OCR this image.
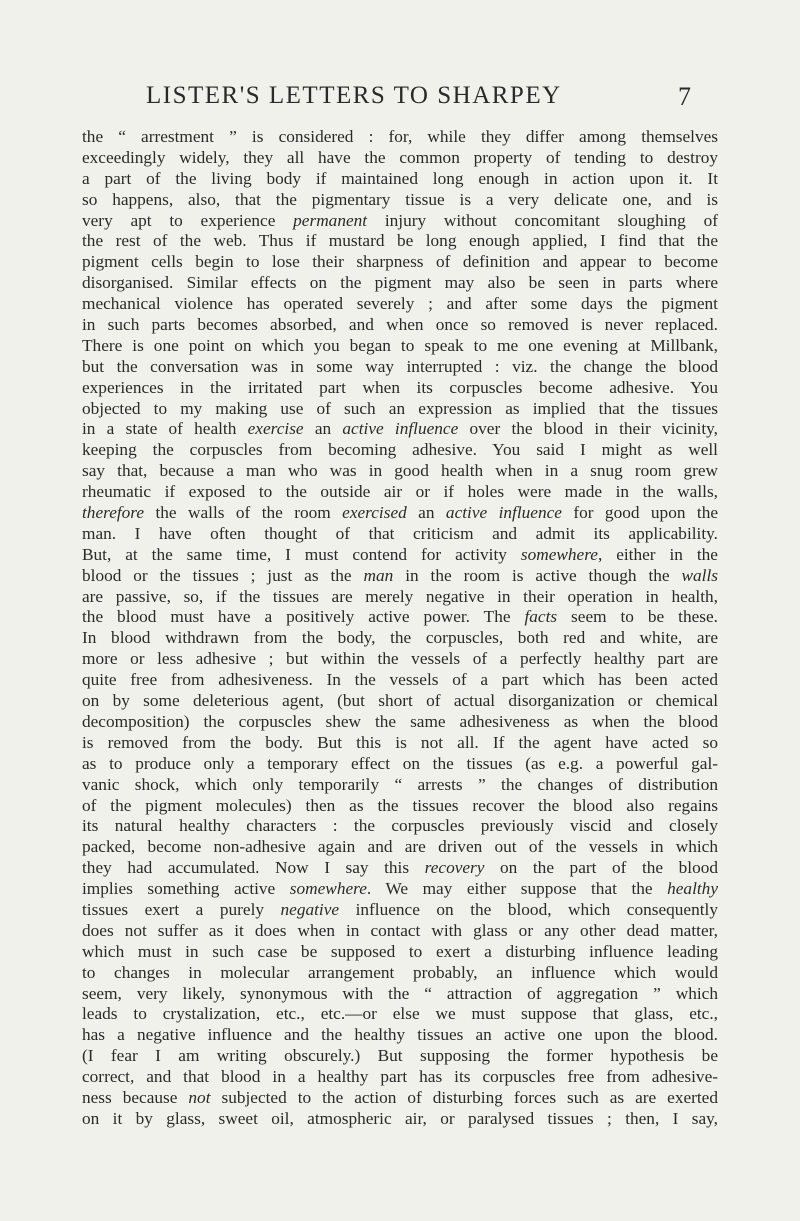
LISTER'S LETTERS TO SHARPEY	7
the “ arrestment ” is considered : for, while they differ among themselves
exceedingly widely, they all have the common property of tending to destroy
a part of the living body if maintained long enough in action upon it. It
so happens, also, that the pigmentary tissue is a very delicate one, and is
very apt to experience permanent injury without concomitant sloughing of
the rest of the web. Thus if mustard be long enough applied, I find that the
pigment cells begin to lose their sharpness of definition and appear to become
disorganised. Similar effects on the pigment may also be seen in parts where
mechanical violence has operated severely ; and after some days the pigment
in such parts becomes absorbed, and when once so removed is never replaced.
There is one point on which you began to speak to me one evening at Millbank,
but the conversation was in some way interrupted : viz. the change the blood
experiences in the irritated part when its corpuscles become adhesive. You
objected to my making use of such an expression as implied that the tissues
in a state of health exercise an active influence over the blood in their vicinity,
keeping the corpuscles from becoming adhesive. You said I might as well
say that, because a man who was in good health when in a snug room grew
rheumatic if exposed to the outside air or if holes were made in the walls,
therefore the walls of the room exercised an active influence for good upon the
man. I have often thought of that criticism and admit its applicability.
But, at the same time, I must contend for activity somewhere, either in the
blood or the tissues ; just as the man in the room is active though the walls
are passive, so, if the tissues are merely negative in their operation in health,
the blood must have a positively active power. The facts seem to be these.
In blood withdrawn from the body, the corpuscles, both red and white, are
more or less adhesive ; but within the vessels of a perfectly healthy part are
quite free from adhesiveness. In the vessels of a part which has been acted
on by some deleterious agent, (but short of actual disorganization or chemical
decomposition) the corpuscles shew the same adhesiveness as when the blood
is removed from the body. But this is not all. If the agent have acted so
as to produce only a temporary effect on the tissues (as e.g. a powerful gal-
vanic shock, which only temporarily “ arrests ” the changes of distribution
of the pigment molecules) then as the tissues recover the blood also regains
its natural healthy characters : the corpuscles previously viscid and closely
packed, become non-adhesive again and are driven out of the vessels in which
they had accumulated. Now I say this recovery on the part of the blood
implies something active somewhere. We may either suppose that the healthy
tissues exert a purely negative influence on the blood, which consequently
does not suffer as it does when in contact with glass or any other dead matter,
which must in such case be supposed to exert a disturbing influence leading
to changes in molecular arrangement probably, an influence which would
seem, very likely, synonymous with the “ attraction of aggregation ” which
leads to crystalization, etc., etc.—or else we must suppose that glass, etc.,
has a negative influence and the healthy tissues an active one upon the blood.
(I fear I am writing obscurely.) But supposing the former hypothesis be
correct, and that blood in a healthy part has its corpuscles free from adhesive-
ness because not subjected to the action of disturbing forces such as are exerted
on it by glass, sweet oil, atmospheric air, or paralysed tissues ; then, I say,
